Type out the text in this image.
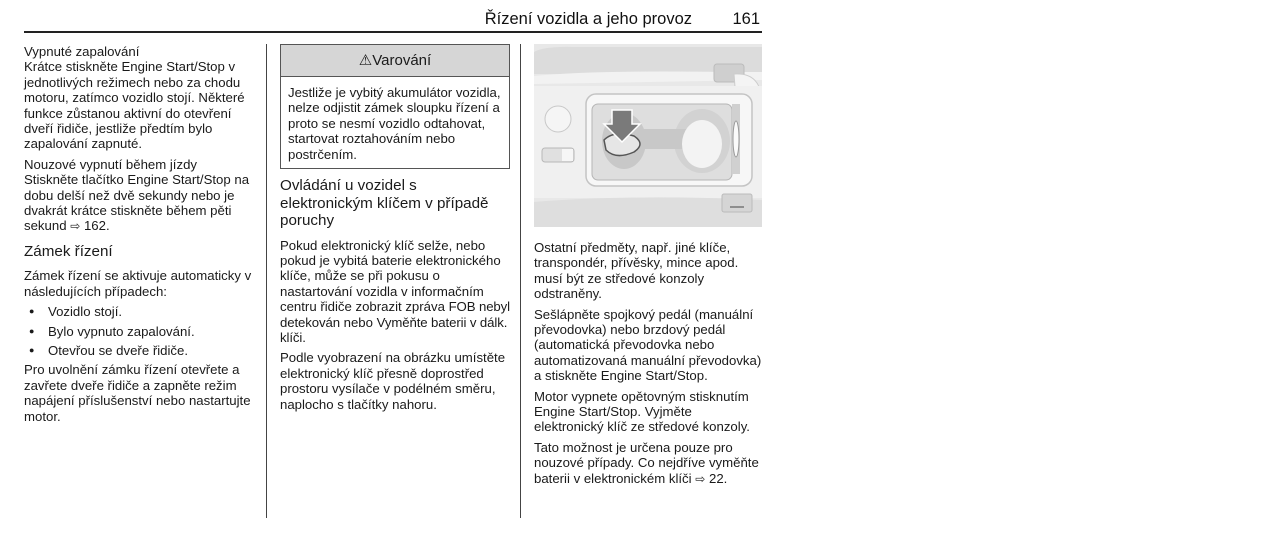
Řízení vozidla a jeho provoz 161

Vypnuté zapalování
Krátce stiskněte Engine Start/Stop v jednotlivých režimech nebo za chodu motoru, zatímco vozidlo stojí. Některé funkce zůstanou aktivní do otevření dveří řidiče, jestliže předtím bylo zapalování zapnuté.

Nouzové vypnutí během jízdy
Stiskněte tlačítko Engine Start/Stop na dobu delší než dvě sekundy nebo je dvakrát krátce stiskněte během pěti sekund ⇨ 162.

Zámek řízení

Zámek řízení se aktivuje automaticky v následujících případech:

● Vozidlo stojí.
● Bylo vypnuto zapalování.
● Otevřou se dveře řidiče.

Pro uvolnění zámku řízení otevřete a zavřete dveře řidiče a zapněte režim napájení příslušenství nebo nastartujte motor.

⚠Varování
Jestliže je vybitý akumulátor vozidla, nelze odjistit zámek sloupku řízení a proto se nesmí vozidlo odtahovat, startovat roztahováním nebo postrčením.
Ovládání u vozidel s elektronickým klíčem v případě poruchy

Pokud elektronický klíč selže, nebo pokud je vybitá baterie elektronického klíče, může se při pokusu o nastartování vozidla v informačním centru řidiče zobrazit zpráva FOB nebyl detekován nebo Vyměňte baterii v dálk. klíči.

Podle vyobrazení na obrázku umístěte elektronický klíč přesně doprostřed prostoru vysílače v podélném směru, naplocho s tlačítky nahoru.

Ostatní předměty, např. jiné klíče, transpondér, přívěsky, mince apod. musí být ze středové konzoly odstraněny.

Sešlápněte spojkový pedál (manuální převodovka) nebo brzdový pedál (automatická převodovka nebo automatizovaná manuální převodovka) a stiskněte Engine Start/Stop.

Motor vypnete opětovným stisknutím Engine Start/Stop. Vyjměte elektronický klíč ze středové konzoly.

Tato možnost je určena pouze pro nouzové případy. Co nejdříve vyměňte baterii v elektronickém klíči ⇨ 22.
